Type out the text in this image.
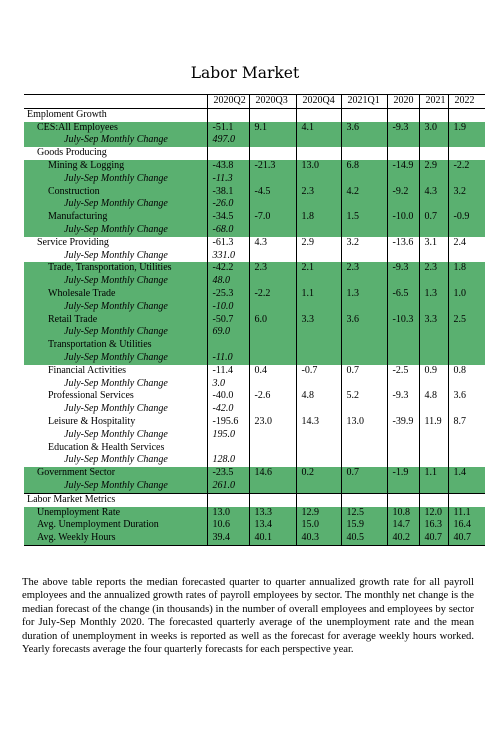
Labor Market
	2020Q2	2020Q3	2020Q4	2021Q1	2020	2021	2022
Emploment Growth							
CES:All Employees	-51.1	9.1	4.1	3.6	-9.3	3.0	1.9
July-Sep Monthly Change	497.0						
Goods Producing							
Mining & Logging	-43.8	-21.3	13.0	6.8	-14.9	2.9	-2.2
July-Sep Monthly Change	-11.3						
Construction	-38.1	-4.5	2.3	4.2	-9.2	4.3	3.2
July-Sep Monthly Change	-26.0						
Manufacturing	-34.5	-7.0	1.8	1.5	-10.0	0.7	-0.9
July-Sep Monthly Change	-68.0						
Service Providing	-61.3	4.3	2.9	3.2	-13.6	3.1	2.4
July-Sep Monthly Change	331.0						
Trade, Transportation, Utilities	-42.2	2.3	2.1	2.3	-9.3	2.3	1.8
July-Sep Monthly Change	48.0						
Wholesale Trade	-25.3	-2.2	1.1	1.3	-6.5	1.3	1.0
July-Sep Monthly Change	-10.0						
Retail Trade	-50.7	6.0	3.3	3.6	-10.3	3.3	2.5
July-Sep Monthly Change	69.0						
Transportation & Utilities							
July-Sep Monthly Change	-11.0						
Financial Activities	-11.4	0.4	-0.7	0.7	-2.5	0.9	0.8
July-Sep Monthly Change	3.0						
Professional Services	-40.0	-2.6	4.8	5.2	-9.3	4.8	3.6
July-Sep Monthly Change	-42.0						
Leisure & Hospitality	-195.6	23.0	14.3	13.0	-39.9	11.9	8.7
July-Sep Monthly Change	195.0						
Education & Health Services							
July-Sep Monthly Change	128.0						
Government Sector	-23.5	14.6	0.2	0.7	-1.9	1.1	1.4
July-Sep Monthly Change	261.0						
Labor Market Metrics							
Unemployment Rate	13.0	13.3	12.9	12.5	10.8	12.0	11.1
Avg. Unemployment Duration	10.6	13.4	15.0	15.9	14.7	16.3	16.4
Avg. Weekly Hours	39.4	40.1	40.3	40.5	40.2	40.7	40.7
The above table reports the median forecasted quarter to quarter annualized growth rate for all payroll employees and the annualized growth rates of payroll employees by sector. The monthly net change is the median forecast of the change (in thousands) in the number of overall employees and employees by sector for July-Sep Monthly 2020. The forecasted quarterly average of the unemployment rate and the mean duration of unemployment in weeks is reported as well as the forecast for average weekly hours worked. Yearly forecasts average the four quarterly forecasts for each perspective year.
